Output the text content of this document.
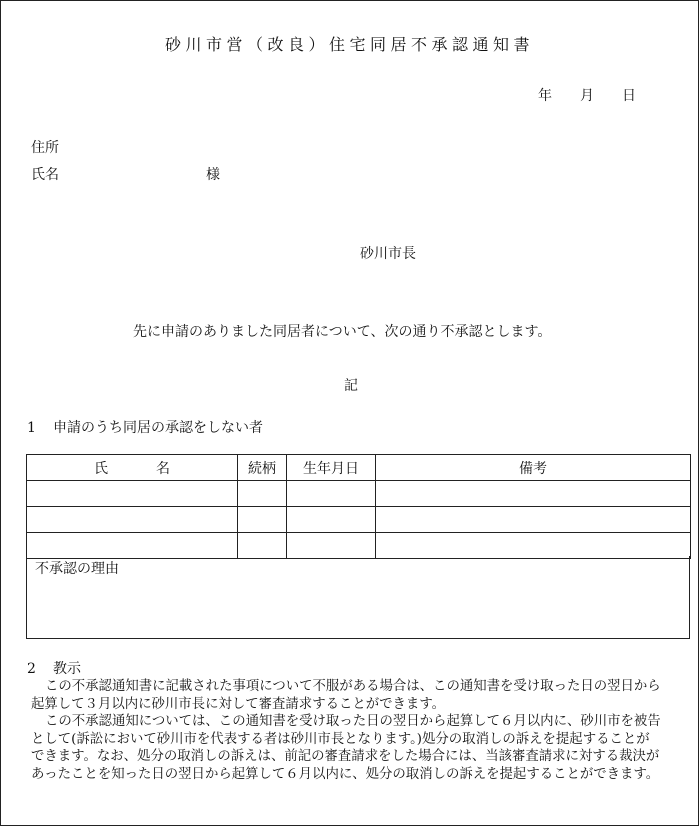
砂川市営（改良）住宅同居不承認通知書
年 月 日
住所
氏名	様
砂川市長
先に申請のありました同居者について、次の通り不承認とします。
記
1 申請のうち同居の承認をしない者
氏 名	続柄	生年月日	備考

不承認の理由
2 教示
この不承認通知書に記載された事項について不服がある場合は、この通知書を受け取った日の翌日から
起算して３月以内に砂川市長に対して審査請求することができます。
この不承認通知については、この通知書を受け取った日の翌日から起算して６月以内に、砂川市を被告
として(訴訟において砂川市を代表する者は砂川市長となります。)処分の取消しの訴えを提起することが
できます。なお、処分の取消しの訴えは、前記の審査請求をした場合には、当該審査請求に対する裁決が
あったことを知った日の翌日から起算して６月以内に、処分の取消しの訴えを提起することができます。
